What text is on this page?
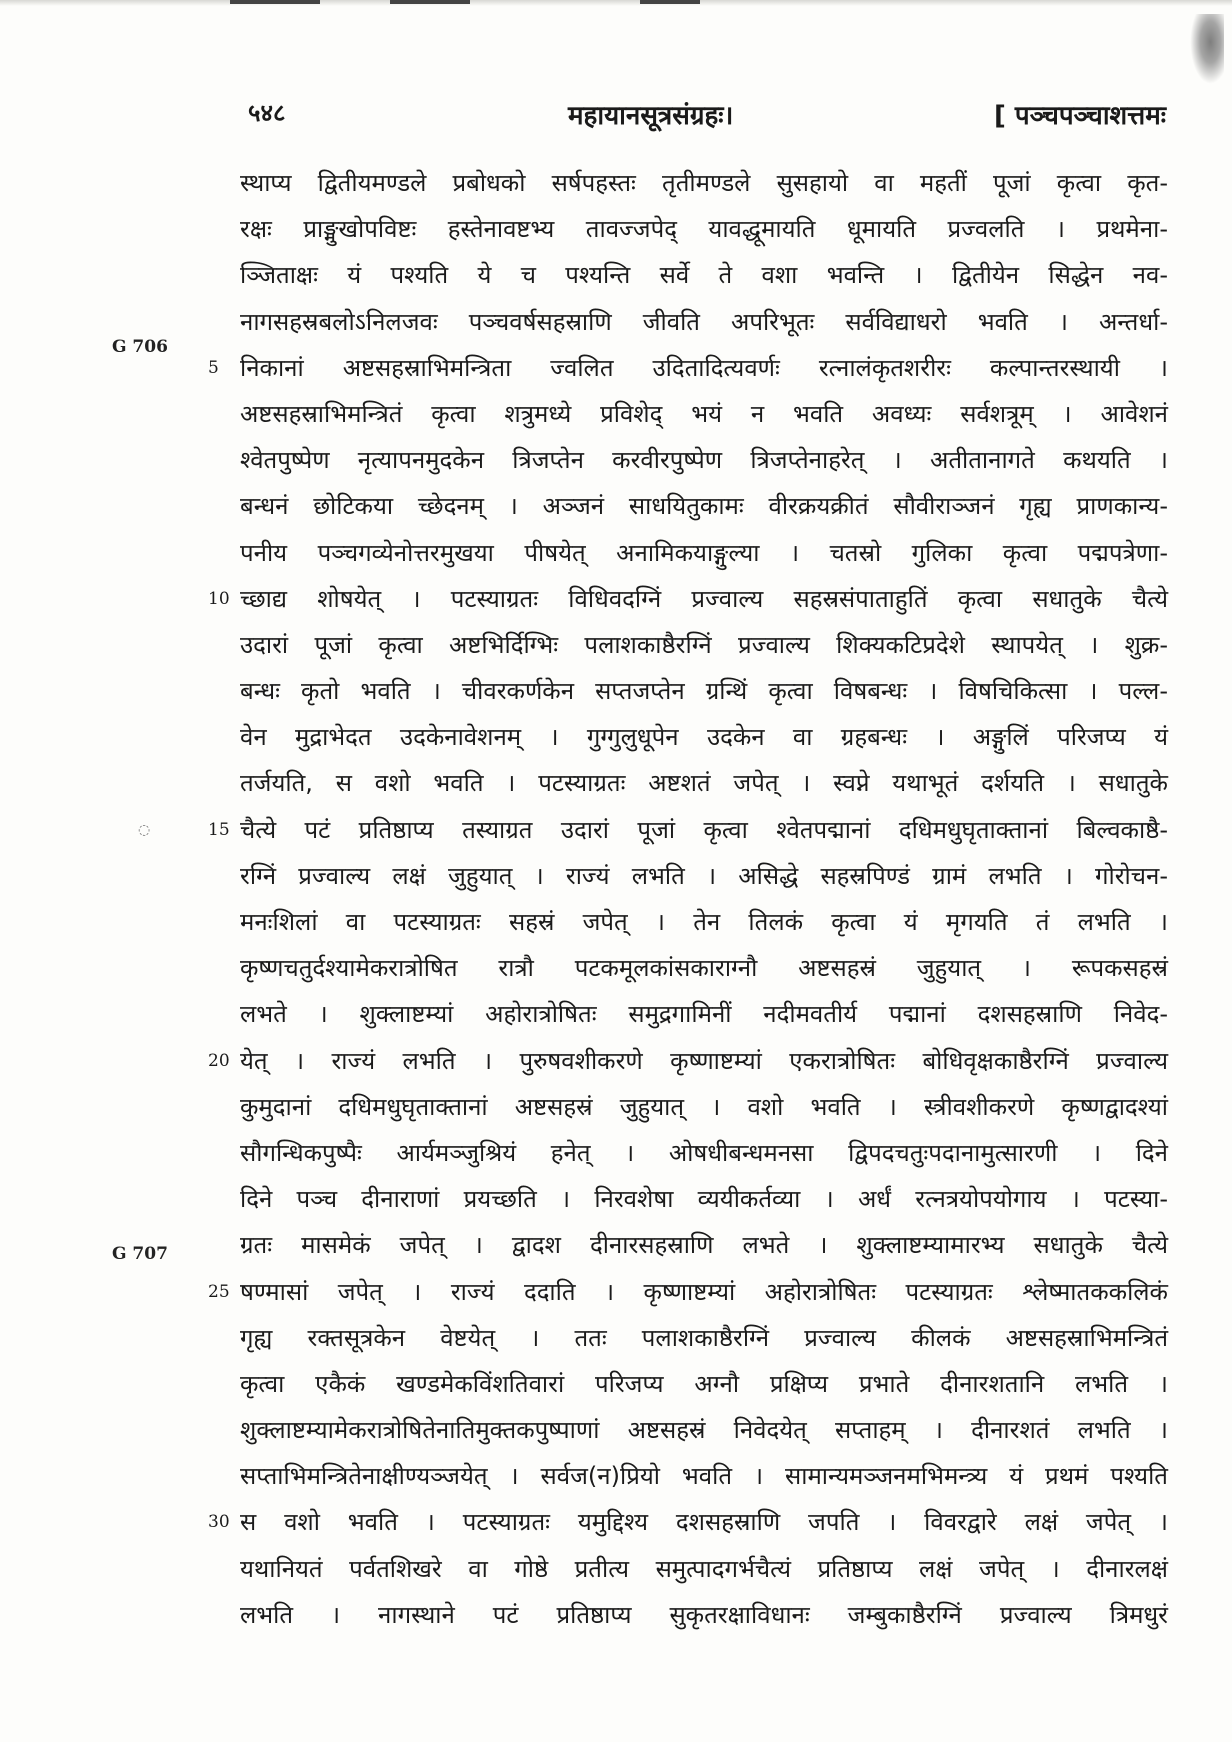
५४८	महायानसूत्रसंग्रहः।	[ पञ्चपञ्चाशत्तमः
G 706
G 707
◌
स्थाप्य द्वितीयमण्डले प्रबोधको सर्षपहस्तः तृतीमण्डले सुसहायो वा महतीं पूजां कृत्वा कृत-
रक्षः प्राङ्मुखोपविष्टः हस्तेनावष्टभ्य तावज्जपेद् यावद्धूमायति धूमायति प्रज्वलति । प्रथमेना-
ञ्जिताक्षः यं पश्यति ये च पश्यन्ति सर्वे ते वशा भवन्ति । द्वितीयेन सिद्धेन नव-
नागसहस्रबलोऽनिलजवः पञ्चवर्षसहस्राणि जीवति अपरिभूतः सर्वविद्याधरो भवति । अन्तर्धा-
5 निकानां अष्टसहस्राभिमन्त्रिता ज्वलित उदितादित्यवर्णः रत्नालंकृतशरीरः कल्पान्तरस्थायी ।
अष्टसहस्राभिमन्त्रितं कृत्वा शत्रुमध्ये प्रविशेद् भयं न भवति अवध्यः सर्वशत्रूम् । आवेशनं
श्वेतपुष्पेण नृत्यापनमुदकेन त्रिजप्तेन करवीरपुष्पेण त्रिजप्तेनाहरेत् । अतीतानागते कथयति ।
बन्धनं छोटिकया च्छेदनम् । अञ्जनं साधयितुकामः वीरक्रयक्रीतं सौवीराञ्जनं गृह्य प्राणकान्य-
पनीय पञ्चगव्येनोत्तरमुखया पीषयेत् अनामिकयाङ्गुल्या । चतस्रो गुलिका कृत्वा पद्मपत्रेणा-
10 च्छाद्य शोषयेत् । पटस्याग्रतः विधिवदग्निं प्रज्वाल्य सहस्रसंपाताहुतिं कृत्वा सधातुके चैत्ये
उदारां पूजां कृत्वा अष्टभिर्दिग्भिः पलाशकाष्ठैरग्निं प्रज्वाल्य शिक्यकटिप्रदेशे स्थापयेत् । शुक्र-
बन्धः कृतो भवति । चीवरकर्णकेन सप्तजप्तेन ग्रन्थिं कृत्वा विषबन्धः । विषचिकित्सा । पल्ल-
वेन मुद्राभेदत उदकेनावेशनम् । गुग्गुलुधूपेन उदकेन वा ग्रहबन्धः । अङ्गुलिं परिजप्य यं
तर्जयति, स वशो भवति । पटस्याग्रतः अष्टशतं जपेत् । स्वप्ने यथाभूतं दर्शयति । सधातुके
15 चैत्ये पटं प्रतिष्ठाप्य तस्याग्रत उदारां पूजां कृत्वा श्वेतपद्मानां दधिमधुघृताक्तानां बिल्वकाष्ठै-
रग्निं प्रज्वाल्य लक्षं जुहुयात् । राज्यं लभति । असिद्धे सहस्रपिण्डं ग्रामं लभति । गोरोचन-
मनःशिलां वा पटस्याग्रतः सहस्रं जपेत् । तेन तिलकं कृत्वा यं मृगयति तं लभति ।
कृष्णचतुर्दश्यामेकरात्रोषित रात्रौ पटकमूलकांसकाराग्नौ अष्टसहस्रं जुहुयात् । रूपकसहस्रं
लभते । शुक्लाष्टम्यां अहोरात्रोषितः समुद्रगामिनीं नदीमवतीर्य पद्मानां दशसहस्राणि निवेद-
20 येत् । राज्यं लभति । पुरुषवशीकरणे कृष्णाष्टम्यां एकरात्रोषितः बोधिवृक्षकाष्ठैरग्निं प्रज्वाल्य
कुमुदानां दधिमधुघृताक्तानां अष्टसहस्रं जुहुयात् । वशो भवति । स्त्रीवशीकरणे कृष्णद्वादश्यां
सौगन्धिकपुष्पैः आर्यमञ्जुश्रियं हनेत् । ओषधीबन्धमनसा द्विपदचतुःपदानामुत्सारणी । दिने
दिने पञ्च दीनाराणां प्रयच्छति । निरवशेषा व्ययीकर्तव्या । अर्धं रत्नत्रयोपयोगाय । पटस्या-
ग्रतः मासमेकं जपेत् । द्वादश दीनारसहस्राणि लभते । शुक्लाष्टम्यामारभ्य सधातुके चैत्ये
25 षण्मासां जपेत् । राज्यं ददाति । कृष्णाष्टम्यां अहोरात्रोषितः पटस्याग्रतः श्लेष्मातककलिकं
गृह्य रक्तसूत्रकेन वेष्टयेत् । ततः पलाशकाष्ठैरग्निं प्रज्वाल्य कीलकं अष्टसहस्राभिमन्त्रितं
कृत्वा एकैकं खण्डमेकविंशतिवारां परिजप्य अग्नौ प्रक्षिप्य प्रभाते दीनारशतानि लभति ।
शुक्लाष्टम्यामेकरात्रोषितेनातिमुक्तकपुष्पाणां अष्टसहस्रं निवेदयेत् सप्ताहम् । दीनारशतं लभति ।
सप्ताभिमन्त्रितेनाक्षीण्यञ्जयेत् । सर्वज(न)प्रियो भवति । सामान्यमञ्जनमभिमन्त्र्य यं प्रथमं पश्यति
30 स वशो भवति । पटस्याग्रतः यमुद्दिश्य दशसहस्राणि जपति । विवरद्वारे लक्षं जपेत् ।
यथानियतं पर्वतशिखरे वा गोष्ठे प्रतीत्य समुत्पादगर्भचैत्यं प्रतिष्ठाप्य लक्षं जपेत् । दीनारलक्षं
लभति । नागस्थाने पटं प्रतिष्ठाप्य सुकृतरक्षाविधानः जम्बुकाष्ठैरग्निं प्रज्वाल्य त्रिमधुरं
